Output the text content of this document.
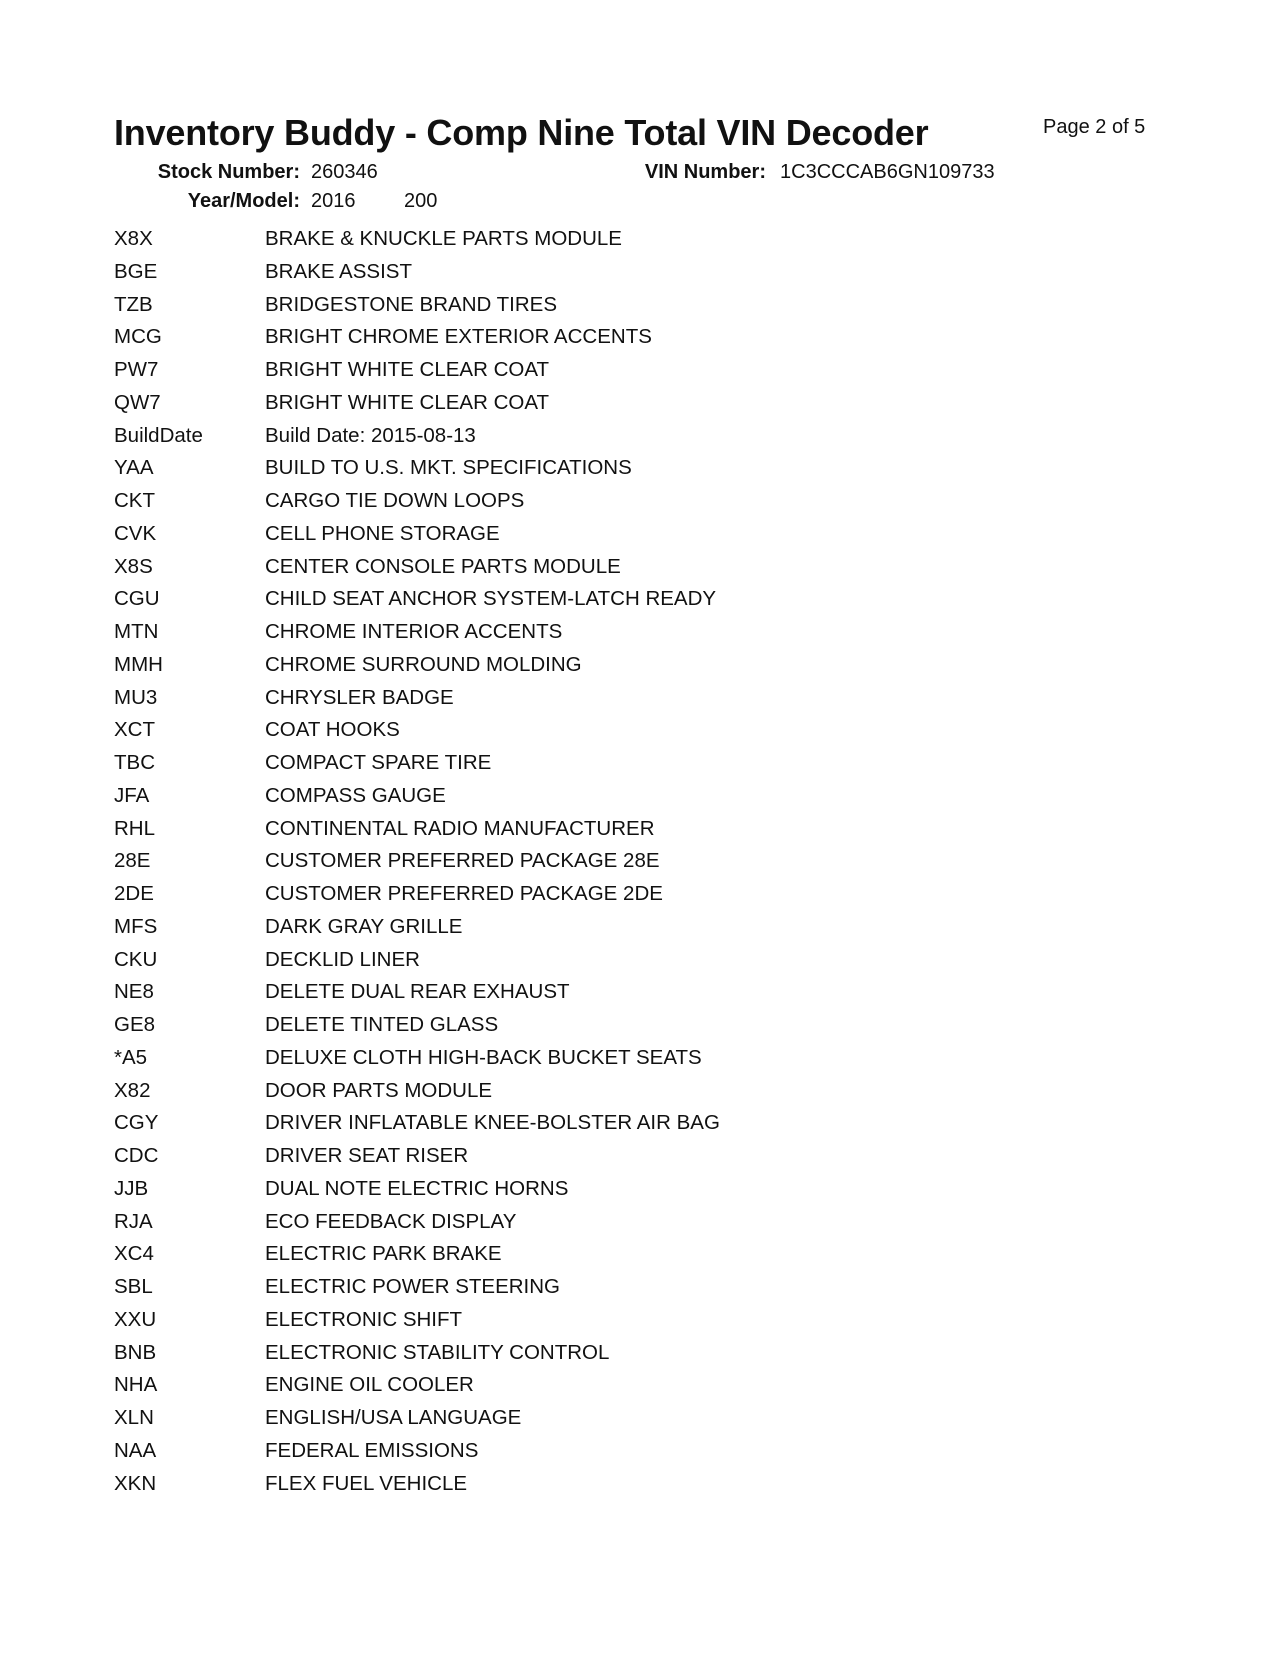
Inventory Buddy - Comp Nine Total VIN Decoder	Page 2 of 5
Stock Number: 260346
Year/Model: 2016 200
VIN Number: 1C3CCCAB6GN109733
X8X	BRAKE & KNUCKLE PARTS MODULE
BGE	BRAKE ASSIST
TZB	BRIDGESTONE BRAND TIRES
MCG	BRIGHT CHROME EXTERIOR ACCENTS
PW7	BRIGHT WHITE CLEAR COAT
QW7	BRIGHT WHITE CLEAR COAT
BuildDate	Build Date: 2015-08-13
YAA	BUILD TO U.S. MKT. SPECIFICATIONS
CKT	CARGO TIE DOWN LOOPS
CVK	CELL PHONE STORAGE
X8S	CENTER CONSOLE PARTS MODULE
CGU	CHILD SEAT ANCHOR SYSTEM-LATCH READY
MTN	CHROME INTERIOR ACCENTS
MMH	CHROME SURROUND MOLDING
MU3	CHRYSLER BADGE
XCT	COAT HOOKS
TBC	COMPACT SPARE TIRE
JFA	COMPASS GAUGE
RHL	CONTINENTAL RADIO MANUFACTURER
28E	CUSTOMER PREFERRED PACKAGE 28E
2DE	CUSTOMER PREFERRED PACKAGE 2DE
MFS	DARK GRAY GRILLE
CKU	DECKLID LINER
NE8	DELETE DUAL REAR EXHAUST
GE8	DELETE TINTED GLASS
*A5	DELUXE CLOTH HIGH-BACK BUCKET SEATS
X82	DOOR PARTS MODULE
CGY	DRIVER INFLATABLE KNEE-BOLSTER AIR BAG
CDC	DRIVER SEAT RISER
JJB	DUAL NOTE ELECTRIC HORNS
RJA	ECO FEEDBACK DISPLAY
XC4	ELECTRIC PARK BRAKE
SBL	ELECTRIC POWER STEERING
XXU	ELECTRONIC SHIFT
BNB	ELECTRONIC STABILITY CONTROL
NHA	ENGINE OIL COOLER
XLN	ENGLISH/USA LANGUAGE
NAA	FEDERAL EMISSIONS
XKN	FLEX FUEL VEHICLE
